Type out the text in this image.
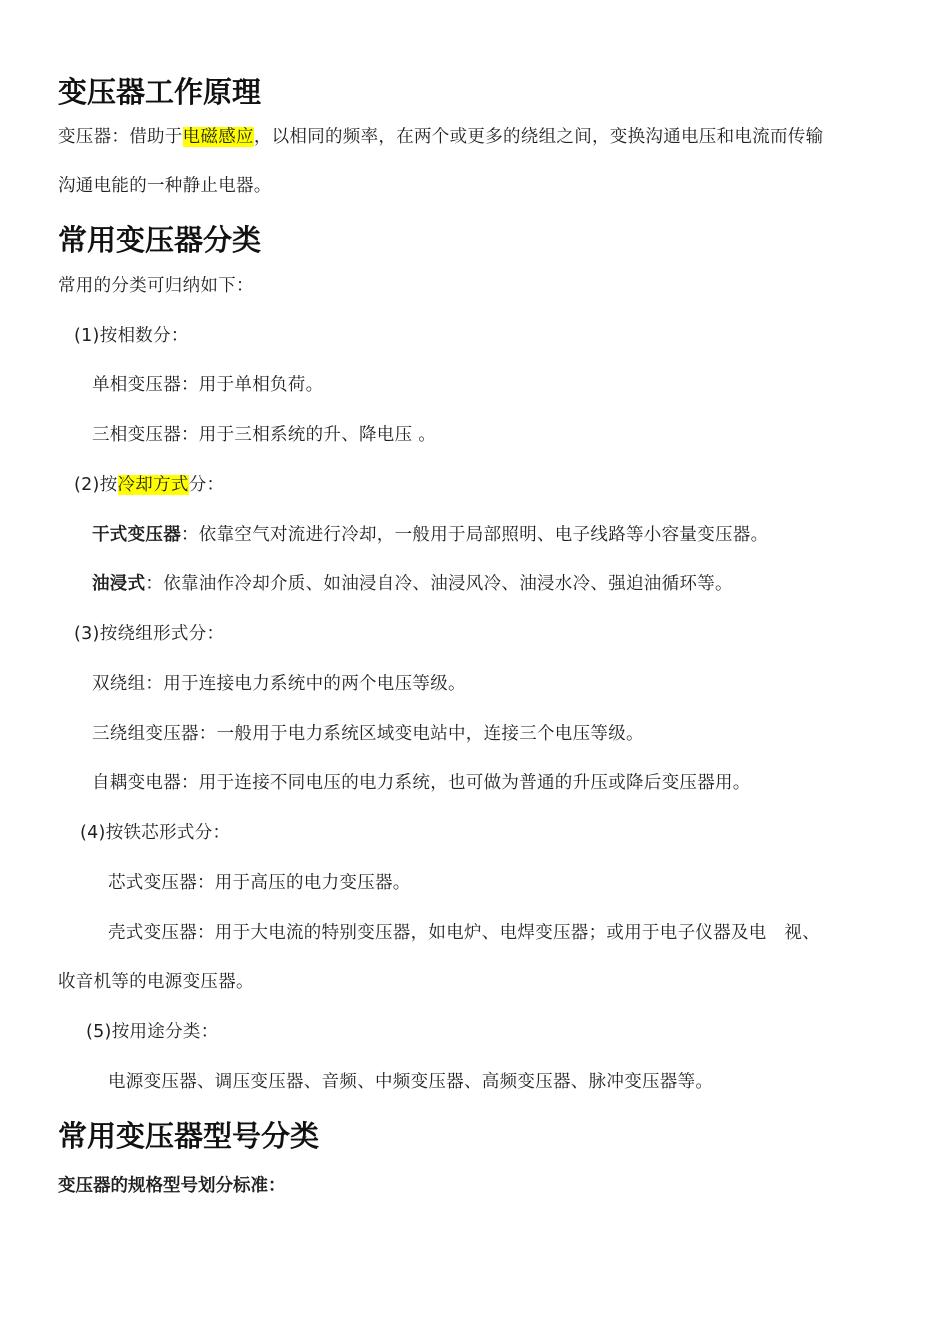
变压器工作原理

变压器：借助于电磁感应，以相同的频率，在两个或更多的绕组之间，变换沟通电压和电流而传输

沟通电能的一种静止电器。

常用变压器分类

常用的分类可归纳如下：

(1)按相数分：

单相变压器：用于单相负荷。

三相变压器：用于三相系统的升、降电压 。

(2)按冷却方式分：

干式变压器：依靠空气对流进行冷却，一般用于局部照明、电子线路等小容量变压器。

油浸式：依靠油作冷却介质、如油浸自冷、油浸风冷、油浸水冷、强迫油循环等。

(3)按绕组形式分：

双绕组：用于连接电力系统中的两个电压等级。

三绕组变压器：一般用于电力系统区域变电站中，连接三个电压等级。

自耦变电器：用于连接不同电压的电力系统，也可做为普通的升压或降后变压器用。

(4)按铁芯形式分：

芯式变压器：用于高压的电力变压器。

壳式变压器：用于大电流的特别变压器，如电炉、电焊变压器；或用于电子仪器及电　视、

收音机等的电源变压器。

(5)按用途分类：

电源变压器、调压变压器、音频、中频变压器、高频变压器、脉冲变压器等。

常用变压器型号分类

变压器的规格型号划分标准：
